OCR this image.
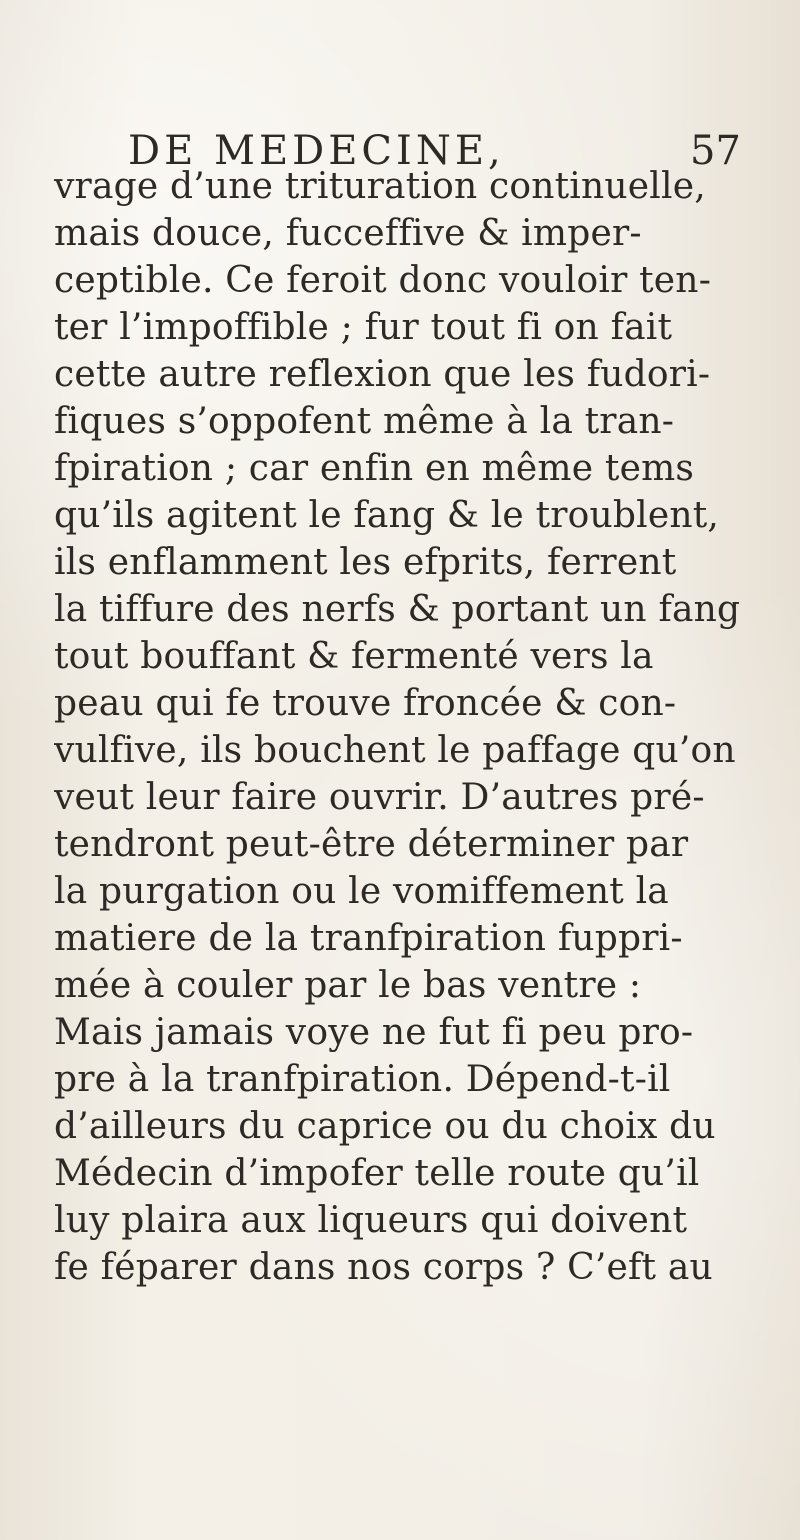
DE MEDECINE,	57
vrage d’une trituration continuelle,
mais douce, fucceffive & imper-
ceptible. Ce feroit donc vouloir ten-
ter l’impoffible ; fur tout fi on fait
cette autre reflexion que les fudori-
fiques s’oppofent même à la tran-
fpiration ; car enfin en même tems
qu’ils agitent le fang & le troublent,
ils enflamment les efprits, ferrent
la tiffure des nerfs & portant un fang
tout bouffant & fermenté vers la
peau qui fe trouve froncée & con-
vulfive, ils bouchent le paffage qu’on
veut leur faire ouvrir. D’autres pré-
tendront peut-être déterminer par
la purgation ou le vomiffement la
matiere de la tranfpiration fuppri-
mée à couler par le bas ventre :
Mais jamais voye ne fut fi peu pro-
pre à la tranfpiration. Dépend-t-il
d’ailleurs du caprice ou du choix du
Médecin d’impofer telle route qu’il
luy plaira aux liqueurs qui doivent
fe féparer dans nos corps ? C’eft au
